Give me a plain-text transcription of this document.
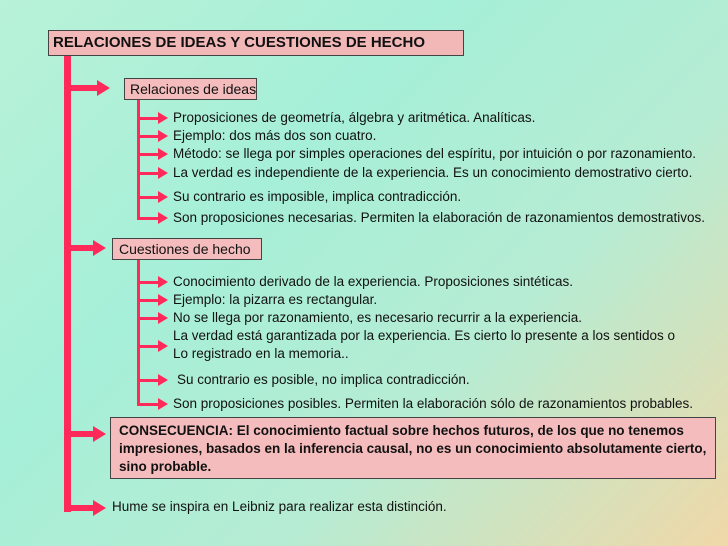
RELACIONES DE IDEAS Y CUESTIONES DE HECHO
Relaciones de ideas
Proposiciones de geometría, álgebra y aritmética. Analíticas.
Ejemplo: dos más dos son cuatro.
Método: se llega por simples operaciones del espíritu, por intuición o por razonamiento.
La verdad es independiente de la experiencia. Es un conocimiento demostrativo cierto.
Su contrario es imposible, implica contradicción.
Son proposiciones necesarias. Permiten la elaboración de razonamientos demostrativos.
Cuestiones de hecho
Conocimiento derivado de la experiencia. Proposiciones sintéticas.
Ejemplo: la pizarra es rectangular.
No se llega por razonamiento, es necesario recurrir a la experiencia.
La verdad está garantizada por la experiencia. Es cierto lo presente a los sentidos o
Lo registrado en la memoria..
Su contrario es posible, no implica contradicción.
Son proposiciones posibles. Permiten la elaboración sólo de razonamientos probables.
CONSECUENCIA: El conocimiento factual sobre hechos futuros, de los que no tenemos impresiones, basados en la inferencia causal, no es un conocimiento absolutamente cierto, sino probable.
Hume se inspira en Leibniz para realizar esta distinción.
